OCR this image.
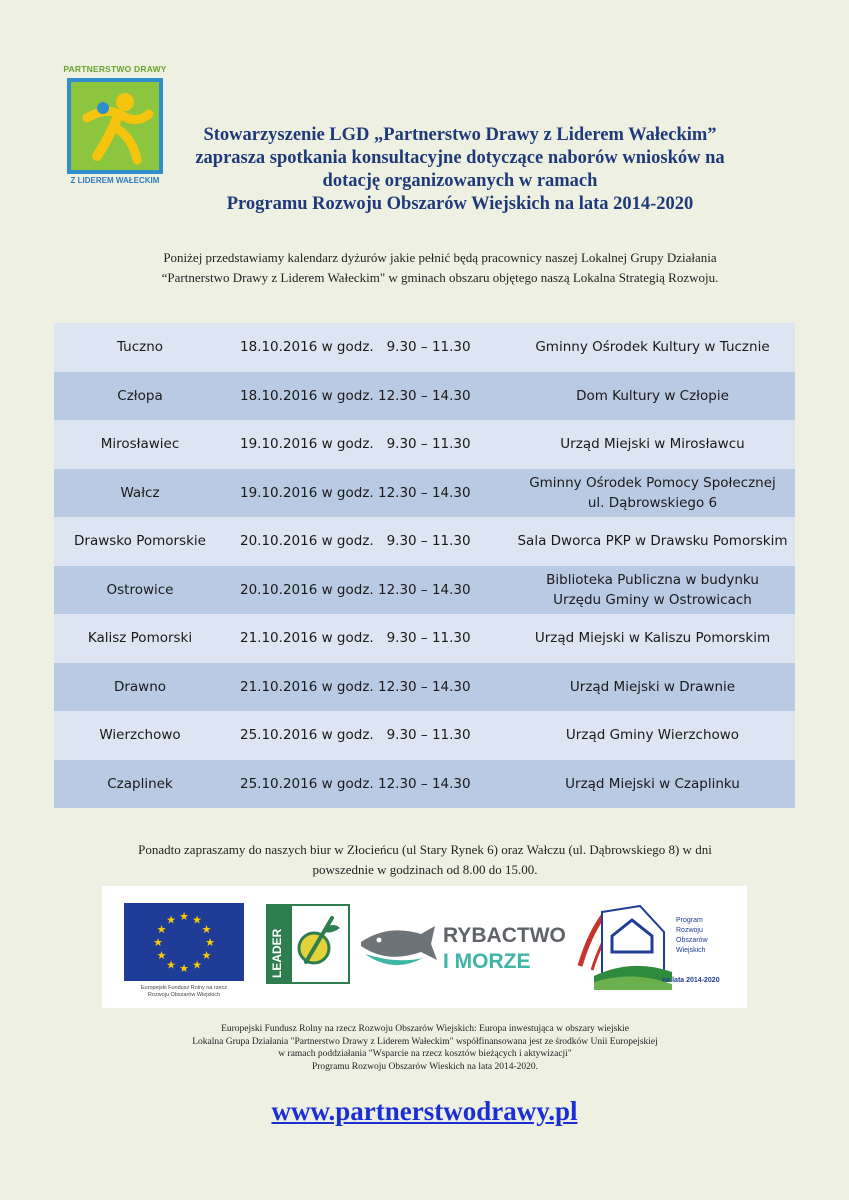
PARTNERSTWO DRAWY
Z LIDEREM WAŁECKIM
Stowarzyszenie LGD „Partnerstwo Drawy z Liderem Wałeckim”
zaprasza spotkania konsultacyjne dotyczące naborów wniosków na
dotację organizowanych w ramach
Programu Rozwoju Obszarów Wiejskich na lata 2014-2020
Poniżej przedstawiamy kalendarz dyżurów jakie pełnić będą pracownicy naszej Lokalnej Grupy Działania
“Partnerstwo Drawy z Liderem Wałeckim" w gminach obszaru objętego naszą Lokalna Strategią Rozwoju.
Tuczno	18.10.2016 w godz.   9.30 – 11.30	Gminny Ośrodek Kultury w Tucznie

Człopa	18.10.2016 w godz. 12.30 – 14.30	Dom Kultury w Człopie

Mirosławiec	19.10.2016 w godz.   9.30 – 11.30	Urząd Miejski w Mirosławcu

Wałcz	19.10.2016 w godz. 12.30 – 14.30	Gminny Ośrodek Pomocy Społecznej
ul. Dąbrowskiego 6

Drawsko Pomorskie	20.10.2016 w godz.   9.30 – 11.30	Sala Dworca PKP w Drawsku Pomorskim

Ostrowice	20.10.2016 w godz. 12.30 – 14.30	Biblioteka Publiczna w budynku
Urzędu Gminy w Ostrowicach

Kalisz Pomorski	21.10.2016 w godz.   9.30 – 11.30	Urząd Miejski w Kaliszu Pomorskim

Drawno	21.10.2016 w godz. 12.30 – 14.30	Urząd Miejski w Drawnie

Wierzchowo	25.10.2016 w godz.   9.30 – 11.30	Urząd Gminy Wierzchowo

Czaplinek	25.10.2016 w godz. 12.30 – 14.30	Urząd Miejski w Czaplinku
Ponadto zapraszamy do naszych biur w Złocieńcu (ul Stary Rynek 6) oraz Wałczu (ul. Dąbrowskiego 8) w dni
powszednie w godzinach od 8.00 do 15.00.
★ ★
★
★
★
★
★
★
★
★
★
★
Europejski Fundusz Rolny na rzecz
Rozwoju Obszarów Wiejskich
LEADER	RYBACTWO
I MORZE
Program
Rozwoju
Obszarów
Wiejskich
na lata 2014-2020
Europejski Fundusz Rolny na rzecz Rozwoju Obszarów Wiejskich: Europa inwestująca w obszary wiejskie
Lokalna Grupa Działania "Partnerstwo Drawy z Liderem Wałeckim" współfinansowana jest ze środków Unii Europejskiej
w ramach poddziałania "Wsparcie na rzecz kosztów bieżących i aktywizacji"
Programu Rozwoju Obszarów Wieskich na lata 2014-2020.
www.partnerstwodrawy.pl
